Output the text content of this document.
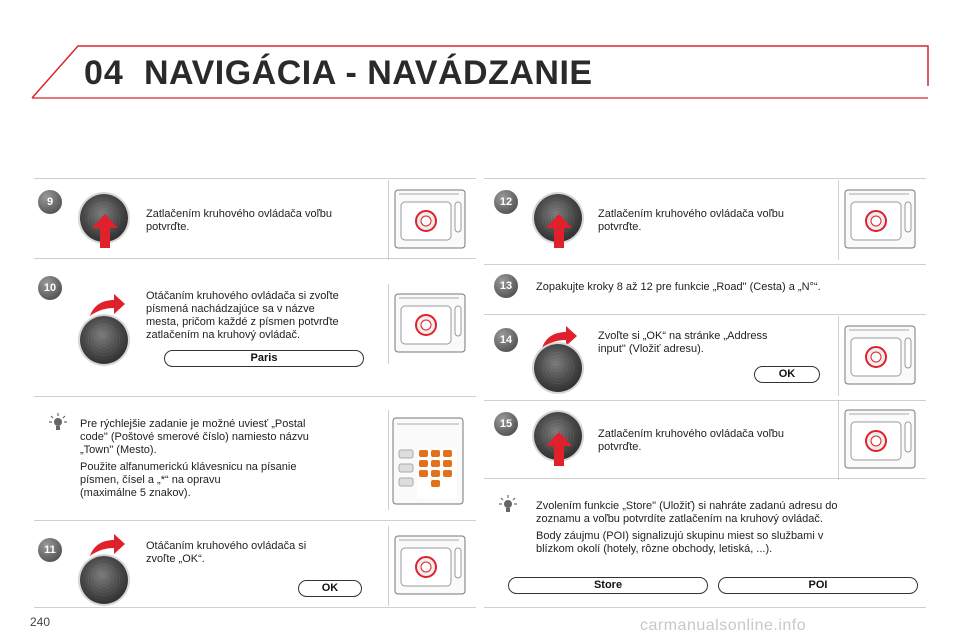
04 NAVIGÁCIA - NAVÁDZANIE
9
Zatlačením kruhového ovládača voľbu
potvrďte.
10
Otáčaním kruhového ovládača si zvoľte
písmená nachádzajúce sa v názve
mesta, pričom každé z písmen potvrďte
zatlačením na kruhový ovládač.
Paris
Pre rýchlejšie zadanie je možné uviesť „Postal
code" (Poštové smerové číslo) namiesto názvu
„Town" (Mesto).
Použite alfanumerickú klávesnicu na písanie
písmen, čísel a „*“ na opravu
(maximálne 5 znakov).
11	Otáčaním kruhového ovládača si
zvoľte „OK“.
OK
12
Zatlačením kruhového ovládača voľbu
potvrďte.
13	Zopakujte kroky 8 až 12 pre funkcie „Road" (Cesta) a „N°“.
14	Zvoľte si „OK“ na stránke „Address
input" (Vložiť adresu).
OK
15
Zatlačením kruhového ovládača voľbu
potvrďte.
Zvolením funkcie „Store" (Uložiť) si nahráte zadanú adresu do
zoznamu a voľbu potvrdíte zatlačením na kruhový ovládač.
Body záujmu (POI) signalizujú skupinu miest so službami v
blízkom okolí (hotely, rôzne obchody, letiská, ...).
Store	POI
240	carmanualsonline.info
